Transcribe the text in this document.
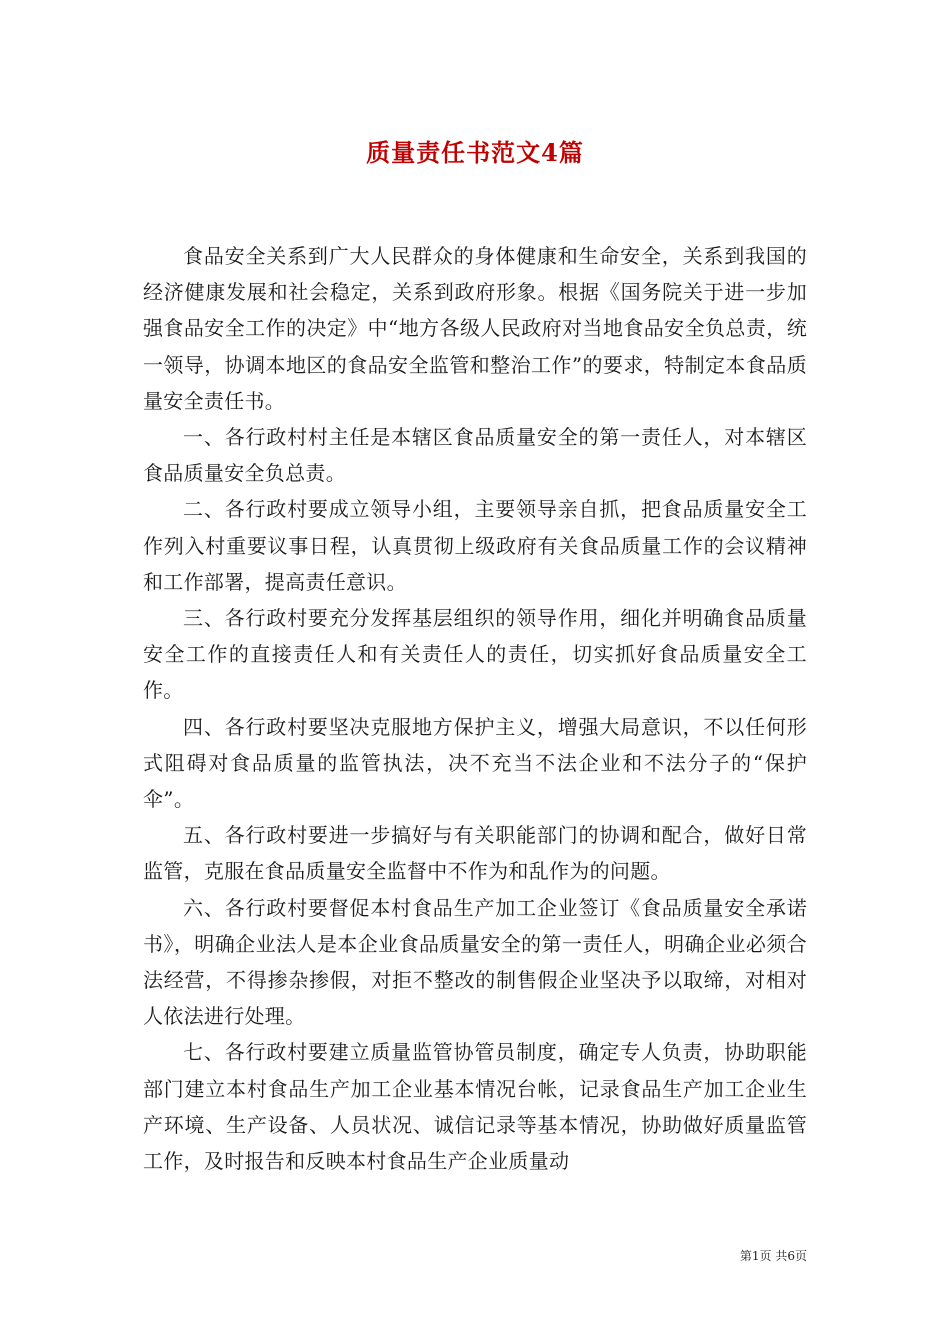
质量责任书范文4篇

食品安全关系到广大人民群众的身体健康和生命安全，关系到我国的经济健康发展和社会稳定，关系到政府形象。根据《国务院关于进一步加强食品安全工作的决定》中“地方各级人民政府对当地食品安全负总责，统一领导，协调本地区的食品安全监管和整治工作”的要求，特制定本食品质量安全责任书。

一、各行政村村主任是本辖区食品质量安全的第一责任人，对本辖区食品质量安全负总责。

二、各行政村要成立领导小组，主要领导亲自抓，把食品质量安全工作列入村重要议事日程，认真贯彻上级政府有关食品质量工作的会议精神和工作部署，提高责任意识。

三、各行政村要充分发挥基层组织的领导作用，细化并明确食品质量安全工作的直接责任人和有关责任人的责任，切实抓好食品质量安全工作。

四、各行政村要坚决克服地方保护主义，增强大局意识，不以任何形式阻碍对食品质量的监管执法，决不充当不法企业和不法分子的“保护伞”。

五、各行政村要进一步搞好与有关职能部门的协调和配合，做好日常监管，克服在食品质量安全监督中不作为和乱作为的问题。

六、各行政村要督促本村食品生产加工企业签订《食品质量安全承诺书》，明确企业法人是本企业食品质量安全的第一责任人，明确企业必须合法经营，不得掺杂掺假，对拒不整改的制售假企业坚决予以取缔，对相对人依法进行处理。

七、各行政村要建立质量监管协管员制度，确定专人负责，协助职能部门建立本村食品生产加工企业基本情况台帐，记录食品生产加工企业生产环境、生产设备、人员状况、诚信记录等基本情况，协助做好质量监管工作，及时报告和反映本村食品生产企业质量动

第1页 共6页
